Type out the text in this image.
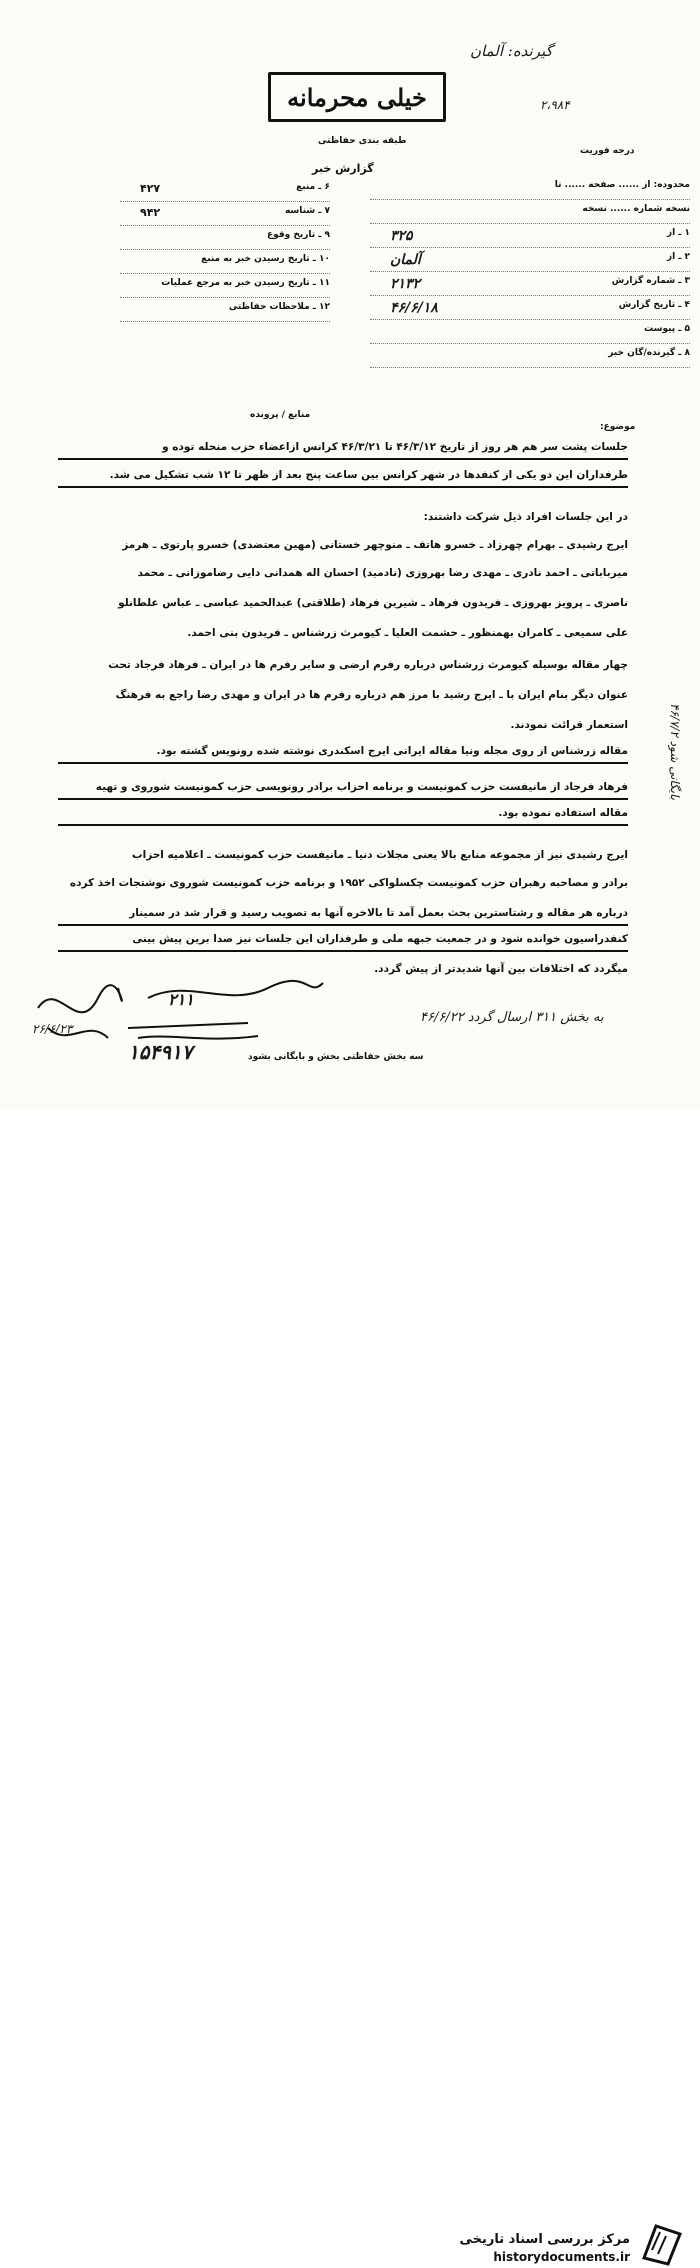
گیرنده: آلمان
۲،۹۸۴
خیلی محرمانه
طبقه بندی حفاظتی
درجه فوریت
گزارش خبر
۶ ـ منبع
۴۲۷
۷ ـ شناسه
۹۴۲
۹ ـ تاریخ وقوع
۱۰ ـ تاریخ رسیدن خبر به منبع
۱۱ ـ تاریخ رسیدن خبر به مرجع عملیات
۱۲ ـ ملاحظات حفاظتی
محدوده: از ...... صفحه ...... تا
نسخه شماره ...... نسخه
۱ ـ از
۳۲۵
۲ ـ از
آلمان
۳ ـ شماره گزارش
۲۱۳۲
۴ ـ تاریخ گزارش
۴۶/۶/۱۸
۵ ـ پیوست
۸ ـ گیرنده/گان خبر
موضوع:
منابع / پرونده
جلسات پشت سر هم هر روز از تاریخ ۴۶/۳/۱۲ تا ۴۶/۳/۲۱ کرانس ازاعضاء حزب منحله توده و
طرفداران این دو یکی از کنفدها در شهر کرانس بین ساعت پنج بعد از ظهر تا ۱۲ شب تشکیل می شد.
در این جلسات افراد ذیل شرکت داشتند:
ایرج رشیدی ـ بهرام چهرزاد ـ خسرو هاتف ـ منوچهر خستانی (مهین معتضدی) خسرو پارتوی ـ هرمز
میرباباتی ـ احمد نادری ـ مهدی رضا بهروزی (نادمید) احسان اله همدانی دایی رضاموزانی ـ محمد
ناصری ـ پرویز بهروزی ـ فریدون فرهاد ـ شیرین فرهاد (طلاقتی) عبدالحمید عباسی ـ عباس علطانلو
علی سمیعی ـ کامران بهمنظور ـ حشمت العلیا ـ کیومرث زرشناس ـ فریدون بنی احمد.
چهار مقاله بوسیله کیومرث زرشناس درباره رفرم ارضی و سایر رفرم ها در ایران ـ فرهاد فرجاد تحت
عنوان دیگر بنام ایران با ـ ایرج رشید با مرز هم درباره رفرم ها در ایران و مهدی رضا راجع به فرهنگ
استعمار قرائت نمودند.
مقاله زرشناس از روی مجله ونیا مقاله ایرانی ایرج اسکندری نوشته شده رونویس گشته بود.
فرهاد فرجاد از مانیفست حزب کمونیست و برنامه احزاب برادر رونویسی حزب کمونیست شوروی و تهیه
مقاله استفاده نموده بود.
ایرج رشیدی نیز از مجموعه منابع بالا یعنی مجلات دنیا ـ مانیفست حزب کمونیست ـ اعلامیه احزاب
برادر و مصاحبه رهبران حزب کمونیست چکسلواکی ۱۹۵۲ و برنامه حزب کمونیست شوروی نوشتجات اخذ کرده
درباره هر مقاله و رشتاسترین بحث بعمل آمد تا بالاخره آنها به تصویب رسید و قرار شد در سمینار
کنفدراسیون خوانده شود و در جمعیت جبهه ملی و طرفداران این جلسات نیز صدا برین پیش بینی
میگردد که اختلافات بین آنها شدیدتر از پیش گردد.
بایگانی شود ۴۶/۷/۲
۲۱۱
۱۵۴۹۱۷
۲۶/۶/۲۳
سه بخش حفاظتی بخش و بایگانی بشود
به بخش ۳۱۱ ارسال گردد ۴۶/۶/۲۲
مرکز بررسی اسناد تاریخی
historydocuments.ir
